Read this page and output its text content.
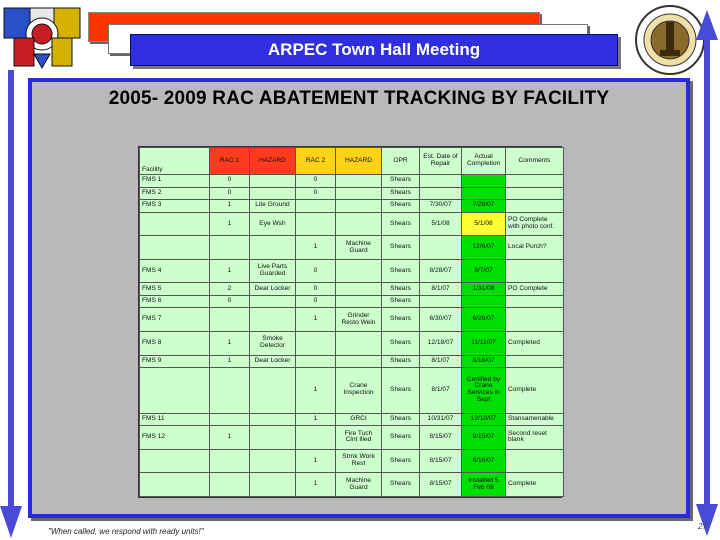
ARPEC Town Hall Meeting
2005- 2009 RAC ABATEMENT TRACKING BY FACILITY
Facility	RAC 1	HAZARD	RAC 2	HAZARD	OPR	Est. Date of Repair	Actual Completion	Comments
FMS 1	0		0		Shears			
FMS 2	0		0		Shears			
FMS 3	1	Lite Ground			Shears	7/30/07	7/28/07	
	1	Eye Wsh			Shears	5/1/08	5/1/08	PO Complete with photo conf.
			1	Machine Guard	Shears		12/6/07	Local Purch?
FMS 4	1	Live Parts Guarded	0		Shears	8/28/07	8/7/07	
FMS 5	2	Dear Locker	0		Shears	8/1/07	1/31/08	PO Complete
FMS 6	0		0		Shears			
FMS 7			1	Grinder Resto Wein	Shears	6/30/07	6/26/07	
FMS 8	1	Smoke Detector			Shears	12/18/07	11/11/07	Completed
FMS 9	1	Dear Locker			Shears	8/1/07	8/16/07	
			1	Crane Inspection	Shears	8/1/07	Certified by Crane Services in Sept	Complete
FMS 11			1	GRCI	Shears	10/31/07	12/10/07	Stansamenable
FMS 12	1			Fire Tuch Clnt Illed	Shears	8/15/07	9/15/07	Second reset blank
			1	Strnk Work Rest	Shears	8/15/07	6/16/07	
			1	Machine Guard	Shears	8/15/07	Installed 5 Feb 08	Complete
"When called, we respond with ready units!"
27
